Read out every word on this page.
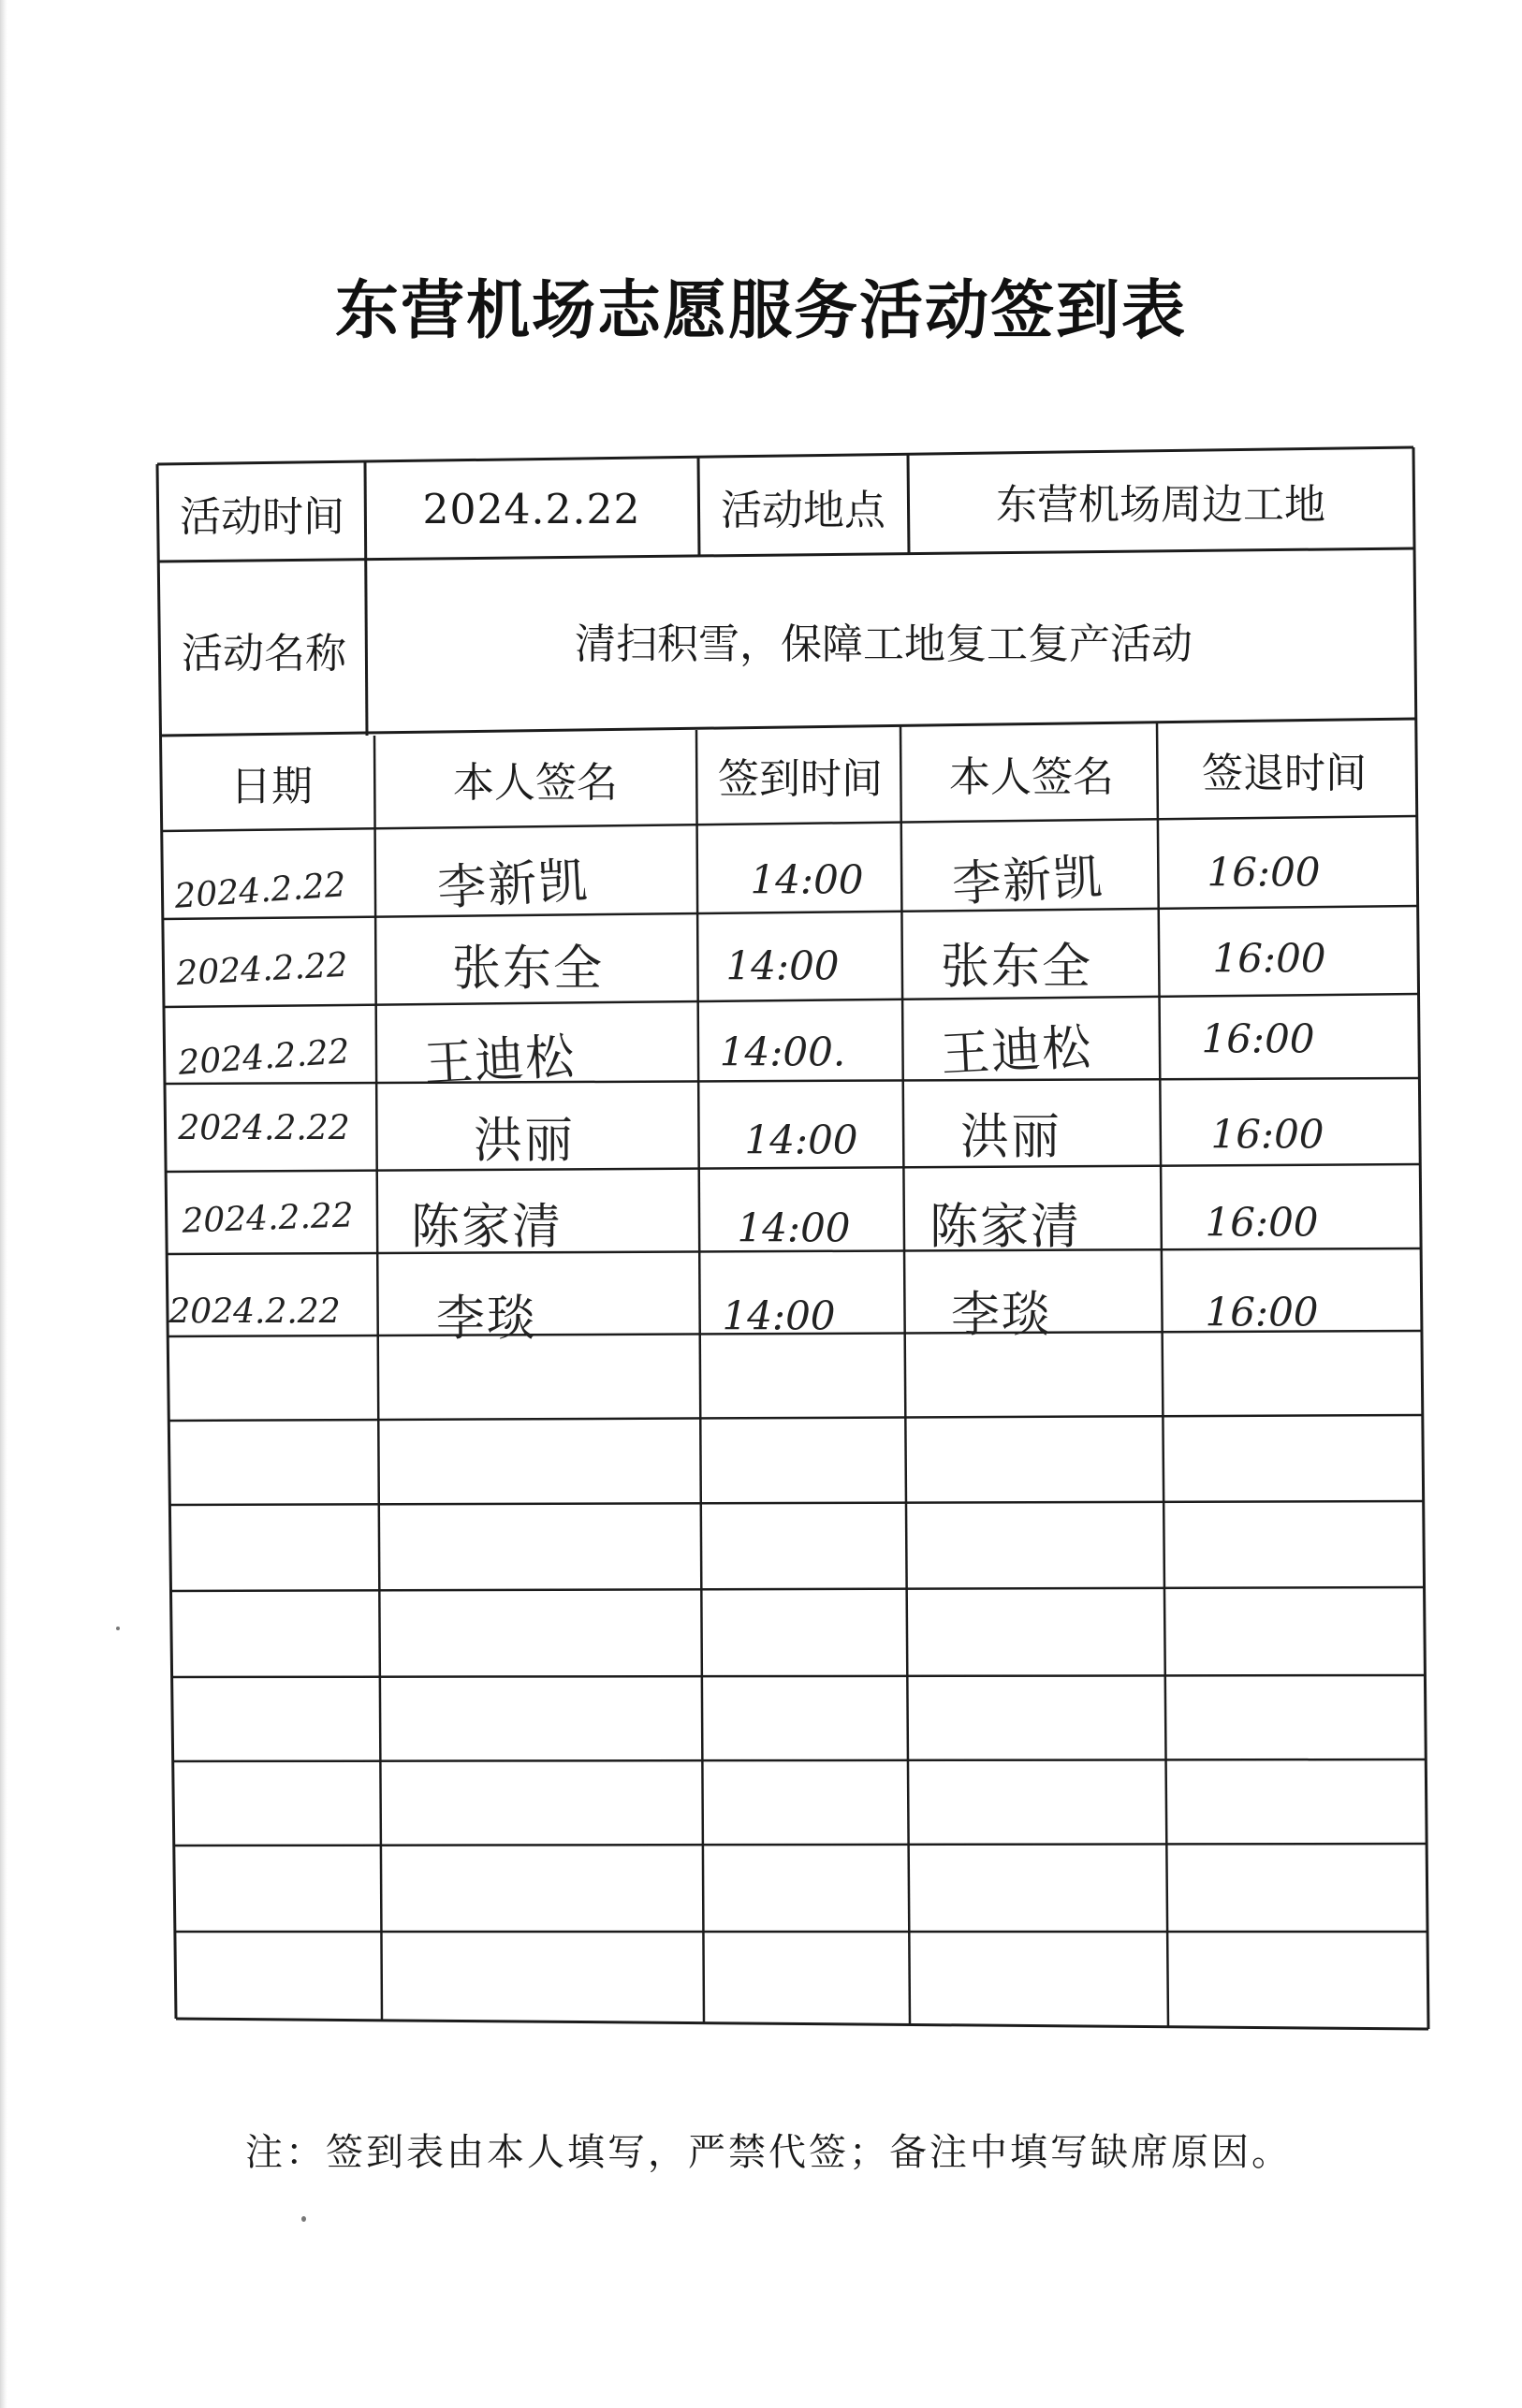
东营机场志愿服务活动签到表
活动时间 2024.2.22 活动地点	东营机场周边工地
活动名称	清扫积雪，保障工地复工复产活动
日期	本人签名 签到时间 本人签名 签退时间
2024.2.22 李新凯	14:00 李新凯	16:00
2024.2.22 张东全	14:00 张东全	16:00
2024.2.22 王迪松	14:00. 王迪松	16:00
2024.2.22	洪丽	14:00 洪丽	16:00
2024.2.22 陈家清	14:00 陈家清	16:00
2024.2.22 李琰	14:00 李琰	16:00
注：签到表由本人填写，严禁代签；备注中填写缺席原因。
